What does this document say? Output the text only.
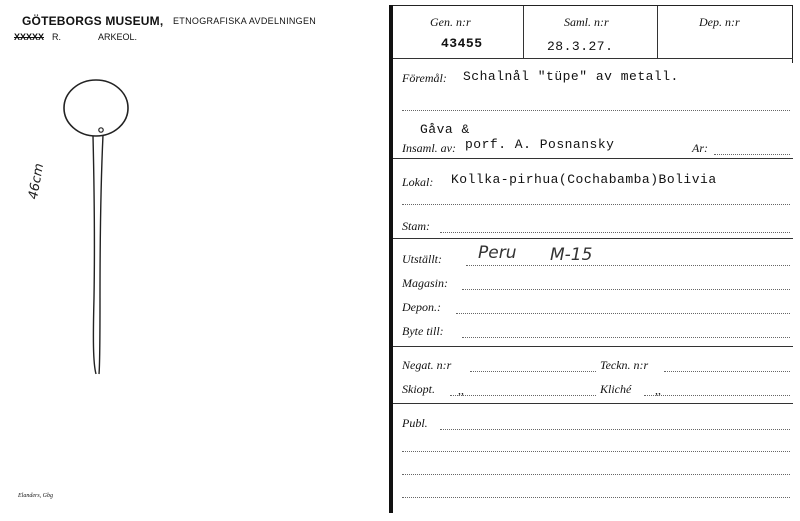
GÖTEBORGS MUSEUM, ETNOGRAFISKA AVDELNINGEN
XXXXX R.	ARKEOL.
46cm
Elanders, Gbg
Gen. n:r	Saml. n:r	Dep. n:r
43455	28.3.27.
Föremål: Schalnål "tüpe" av metall.
Gåva &
Insaml. av: porf. A. Posnansky	Ar:
Lokal: Kollka-pirhua(Cochabamba)Bolivia
Stam:
Utställt: Peru M-15
Magasin:
Depon.:
Byte till:
Negat. n:r	Teckn. n:r
Skiopt. ,,	Kliché ,,
Publ.
